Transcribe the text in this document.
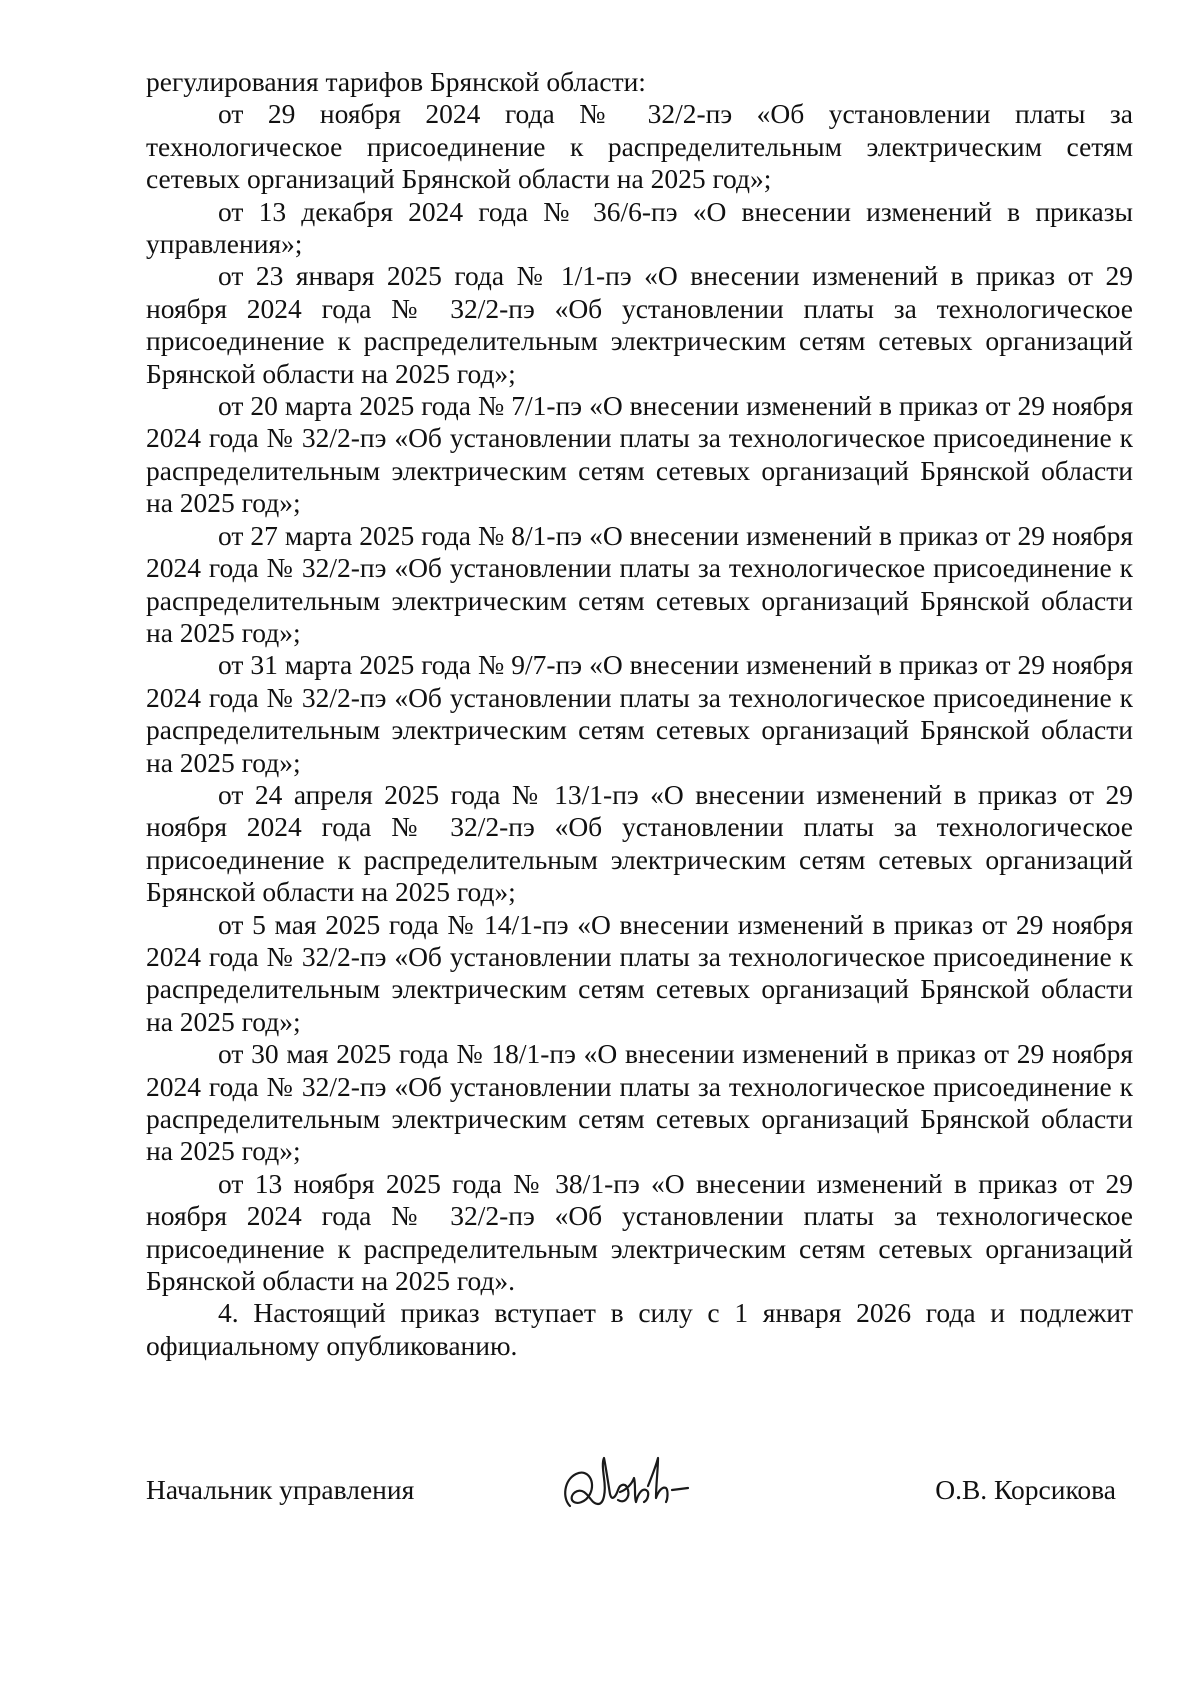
регулирования тарифов Брянской области:

от 29 ноября 2024 года № 32/2-пэ «Об установлении платы за технологическое присоединение к распределительным электрическим сетям сетевых организаций Брянской области на 2025 год»;

от 13 декабря 2024 года № 36/6-пэ «О внесении изменений в приказы управления»;

от 23 января 2025 года № 1/1-пэ «О внесении изменений в приказ от 29 ноября 2024 года № 32/2-пэ «Об установлении платы за технологическое присоединение к распределительным электрическим сетям сетевых организаций Брянской области на 2025 год»;

от 20 марта 2025 года № 7/1-пэ «О внесении изменений в приказ от 29 ноября 2024 года № 32/2-пэ «Об установлении платы за технологическое присоединение к распределительным электрическим сетям сетевых организаций Брянской области на 2025 год»;

от 27 марта 2025 года № 8/1-пэ «О внесении изменений в приказ от 29 ноября 2024 года № 32/2-пэ «Об установлении платы за технологическое присоединение к распределительным электрическим сетям сетевых организаций Брянской области на 2025 год»;

от 31 марта 2025 года № 9/7-пэ «О внесении изменений в приказ от 29 ноября 2024 года № 32/2-пэ «Об установлении платы за технологическое присоединение к распределительным электрическим сетям сетевых организаций Брянской области на 2025 год»;

от 24 апреля 2025 года № 13/1-пэ «О внесении изменений в приказ от 29 ноября 2024 года № 32/2-пэ «Об установлении платы за технологическое присоединение к распределительным электрическим сетям сетевых организаций Брянской области на 2025 год»;

от 5 мая 2025 года № 14/1-пэ «О внесении изменений в приказ от 29 ноября 2024 года № 32/2-пэ «Об установлении платы за технологическое присоединение к распределительным электрическим сетям сетевых организаций Брянской области на 2025 год»;

от 30 мая 2025 года № 18/1-пэ «О внесении изменений в приказ от 29 ноября 2024 года № 32/2-пэ «Об установлении платы за технологическое присоединение к распределительным электрическим сетям сетевых организаций Брянской области на 2025 год»;

от 13 ноября 2025 года № 38/1-пэ «О внесении изменений в приказ от 29 ноября 2024 года № 32/2-пэ «Об установлении платы за технологическое присоединение к распределительным электрическим сетям сетевых организаций Брянской области на 2025 год».

4. Настоящий приказ вступает в силу с 1 января 2026 года и подлежит официальному опубликованию.

Начальник управления	О.В. Корсикова
